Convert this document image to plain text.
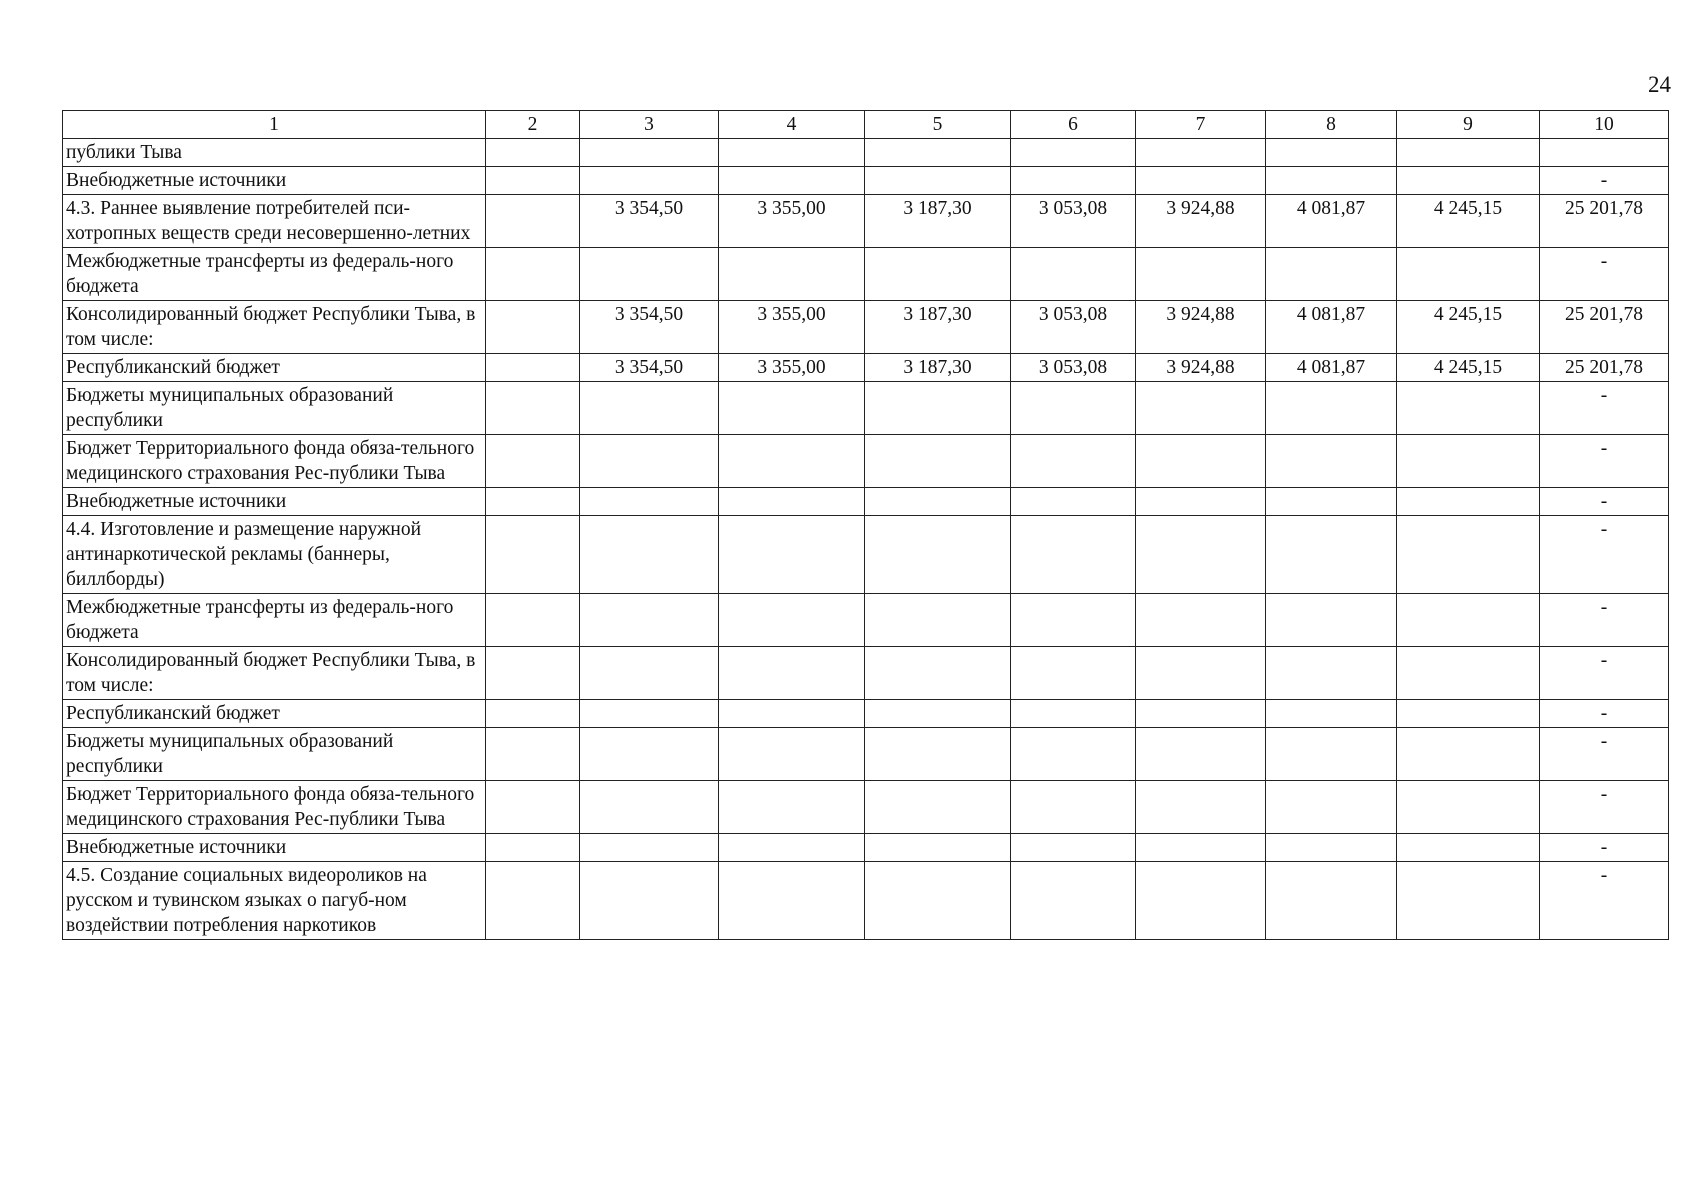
24
1	2	3	4	5	6	7	8	9	10
публики Тыва									
Внебюджетные источники									-
4.3. Раннее выявление потребителей пси-хотропных веществ среди несовершенно-летних		3 354,50	3 355,00	3 187,30	3 053,08	3 924,88	4 081,87	4 245,15	25 201,78
Межбюджетные трансферты из федераль-ного бюджета									-
Консолидированный бюджет Республики Тыва, в том числе:		3 354,50	3 355,00	3 187,30	3 053,08	3 924,88	4 081,87	4 245,15	25 201,78
Республиканский бюджет		3 354,50	3 355,00	3 187,30	3 053,08	3 924,88	4 081,87	4 245,15	25 201,78
Бюджеты муниципальных образований республики									-
Бюджет Территориального фонда обяза-тельного медицинского страхования Рес-публики Тыва									-
Внебюджетные источники									-
4.4. Изготовление и размещение наружной антинаркотической рекламы (баннеры, биллборды)									-
Межбюджетные трансферты из федераль-ного бюджета									-
Консолидированный бюджет Республики Тыва, в том числе:									-
Республиканский бюджет									-
Бюджеты муниципальных образований республики									-
Бюджет Территориального фонда обяза-тельного медицинского страхования Рес-публики Тыва									-
Внебюджетные источники									-
4.5. Создание социальных видеороликов на русском и тувинском языках о пагуб-ном воздействии потребления наркотиков									-
